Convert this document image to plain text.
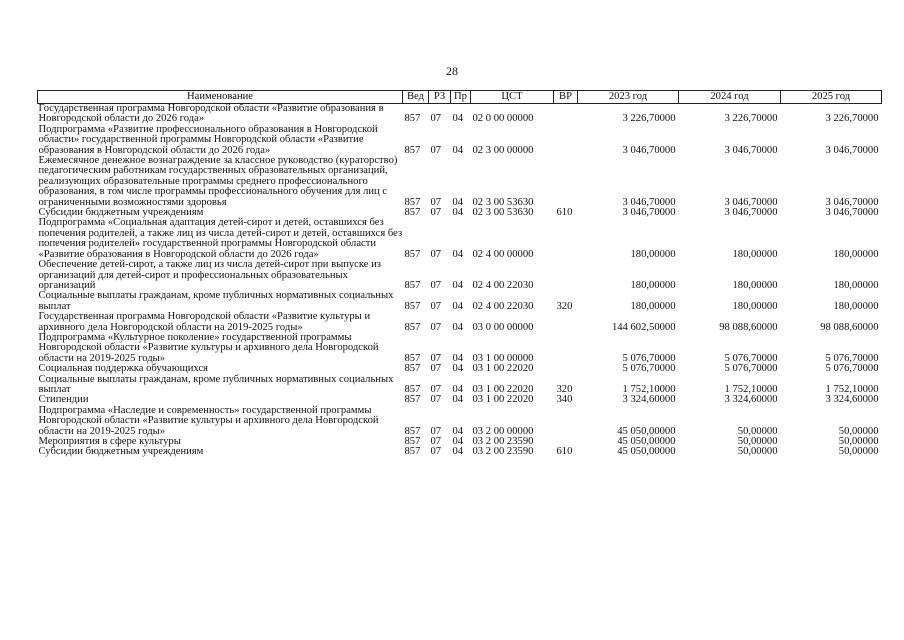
28
Наименование	Вед	РЗ	Пр	ЦСТ	ВР	2023 год	2024 год	2025 год
Государственная программа Новгородской области «Развитие образования в Новгородской области до 2026 года»	857	07	04	02 0 00 00000		3 226,70000	3 226,70000	3 226,70000
Подпрограмма «Развитие профессионального образования в Новгородской области» государственной программы Новгородской области «Развитие образования в Новгородской области до 2026 года»	857	07	04	02 3 00 00000		3 046,70000	3 046,70000	3 046,70000
Ежемесячное денежное вознаграждение за классное руководство (кураторство) педагогическим работникам государственных образовательных организаций, реализующих образовательные программы среднего профессионального образования, в том числе программы профессионального обучения для лиц с ограниченными возможностями здоровья	857	07	04	02 3 00 53630		3 046,70000	3 046,70000	3 046,70000
Субсидии бюджетным учреждениям	857	07	04	02 3 00 53630	610	3 046,70000	3 046,70000	3 046,70000
Подпрограмма «Социальная адаптация детей-сирот и детей, оставшихся без попечения родителей, а также лиц из числа детей-сирот и детей, оставшихся без попечения родителей» государственной программы Новгородской области «Развитие образования в Новгородской области до 2026 года»	857	07	04	02 4 00 00000		180,00000	180,00000	180,00000
Обеспечение детей-сирот, а также лиц из числа детей-сирот при выпуске из организаций для детей-сирот и профессиональных образовательных организаций	857	07	04	02 4 00 22030		180,00000	180,00000	180,00000
Социальные выплаты гражданам, кроме публичных нормативных социальных выплат	857	07	04	02 4 00 22030	320	180,00000	180,00000	180,00000
Государственная программа Новгородской области «Развитие культуры и архивного дела Новгородской области на 2019-2025 годы»	857	07	04	03 0 00 00000		144 602,50000	98 088,60000	98 088,60000
Подпрограмма «Культурное поколение» государственной программы Новгородской области «Развитие культуры и архивного дела Новгородской области на 2019-2025 годы»	857	07	04	03 1 00 00000		5 076,70000	5 076,70000	5 076,70000
Социальная поддержка обучающихся	857	07	04	03 1 00 22020		5 076,70000	5 076,70000	5 076,70000
Социальные выплаты гражданам, кроме публичных нормативных социальных выплат	857	07	04	03 1 00 22020	320	1 752,10000	1 752,10000	1 752,10000
Стипендии	857	07	04	03 1 00 22020	340	3 324,60000	3 324,60000	3 324,60000
Подпрограмма «Наследие и современность» государственной программы Новгородской области «Развитие культуры и архивного дела Новгородской области на 2019-2025 годы»	857	07	04	03 2 00 00000		45 050,00000	50,00000	50,00000
Мероприятия в сфере культуры	857	07	04	03 2 00 23590		45 050,00000	50,00000	50,00000
Субсидии бюджетным учреждениям	857	07	04	03 2 00 23590	610	45 050,00000	50,00000	50,00000
